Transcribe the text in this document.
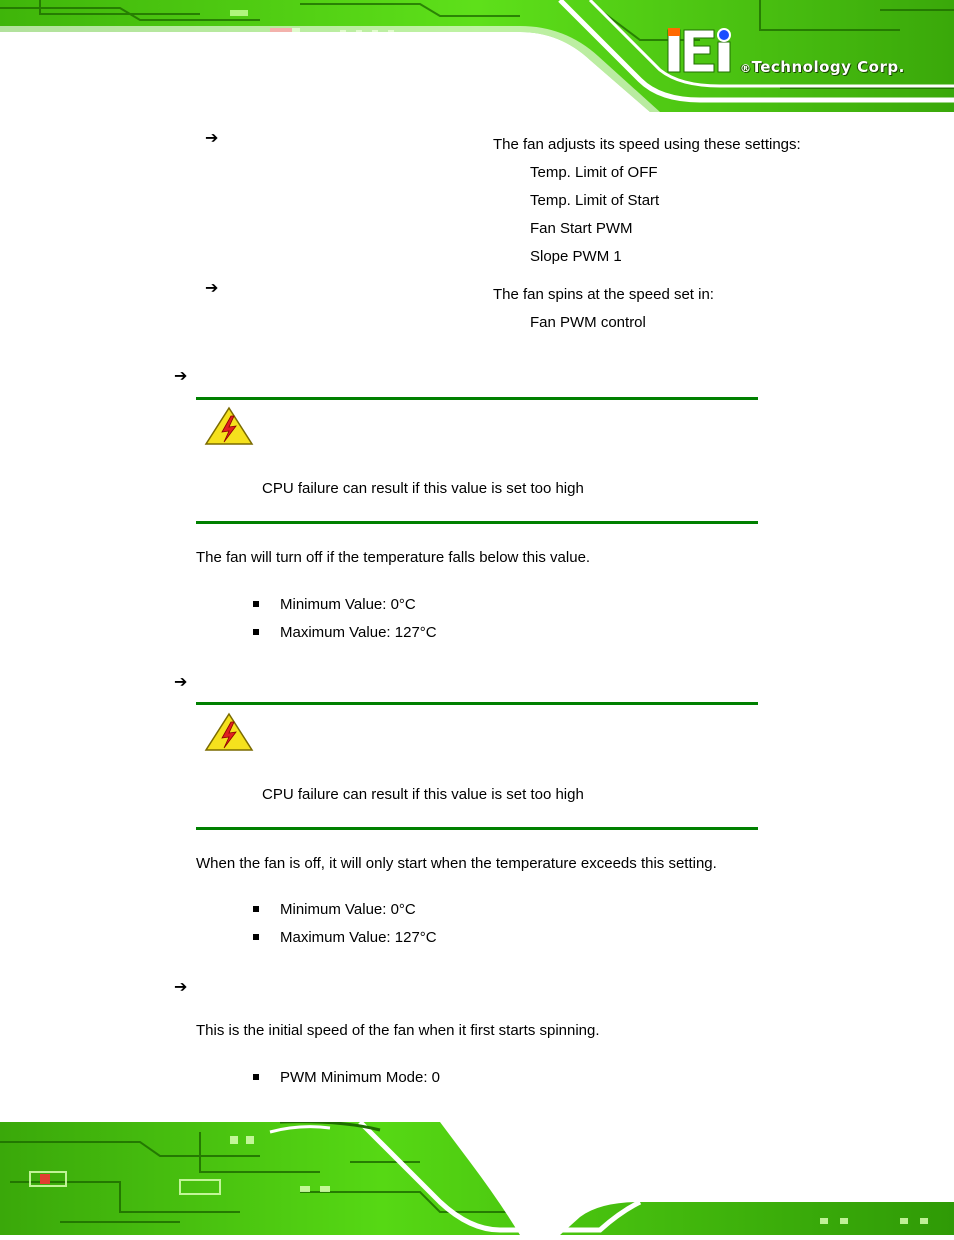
®Technology Corp.
➔	The fan adjusts its speed using these settings:
Temp. Limit of OFF
Temp. Limit of Start
Fan Start PWM
Slope PWM 1
➔	The fan spins at the speed set in:
Fan PWM control
➔
CPU failure can result if this value is set too high
The fan will turn off if the temperature falls below this value.
Minimum Value: 0°C
Maximum Value: 127°C
➔
CPU failure can result if this value is set too high
When the fan is off, it will only start when the temperature exceeds this setting.
Minimum Value: 0°C
Maximum Value: 127°C
➔
This is the initial speed of the fan when it first starts spinning.
PWM Minimum Mode: 0
